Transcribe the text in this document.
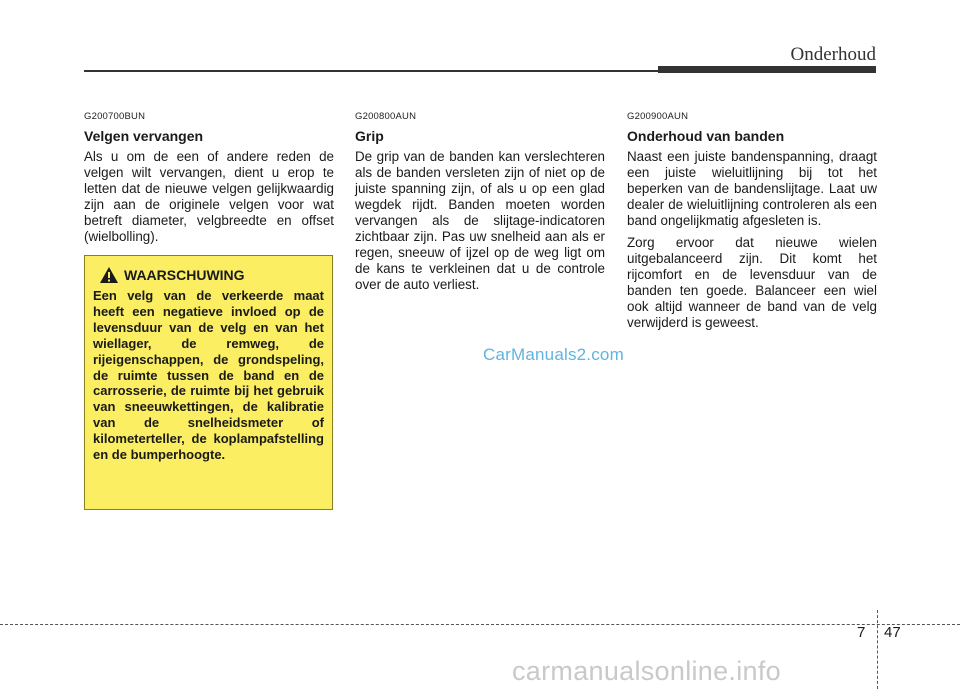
Onderhoud
G200700BUN
Velgen vervangen

Als u om de een of andere reden de velgen wilt vervangen, dient u erop te letten dat de nieuwe velgen gelijkwaardig zijn aan de originele velgen voor wat betreft diameter, velgbreedte en offset (wielbolling).

WAARSCHUWING
Een velg van de verkeerde maat heeft een negatieve invloed op de levensduur van de velg en van het wiellager, de remweg, de rijeigenschappen, de grondspeling, de ruimte tussen de band en de carrosserie, de ruimte bij het gebruik van sneeuwkettingen, de kalibratie van de snelheidsmeter of kilometerteller, de koplampafstelling en de bumperhoogte.
G200800AUN
Grip

De grip van de banden kan verslechteren als de banden versleten zijn of niet op de juiste spanning zijn, of als u op een glad wegdek rijdt. Banden moeten worden vervangen als de slijtage-indicatoren zichtbaar zijn. Pas uw snelheid aan als er regen, sneeuw of ijzel op de weg ligt om de kans te verkleinen dat u de controle over de auto verliest.

G200900AUN
Onderhoud van banden

Naast een juiste bandenspanning, draagt een juiste wieluitlijning bij tot het beperken van de bandenslijtage. Laat uw dealer de wieluitlijning controleren als een band ongelijkmatig afgesleten is.

Zorg ervoor dat nieuwe wielen uitgebalanceerd zijn. Dit komt het rijcomfort en de levensduur van de banden ten goede. Balanceer een wiel ook altijd wanneer de band van de velg verwijderd is geweest.

CarManuals2.com
7 47
carmanualsonline.info
